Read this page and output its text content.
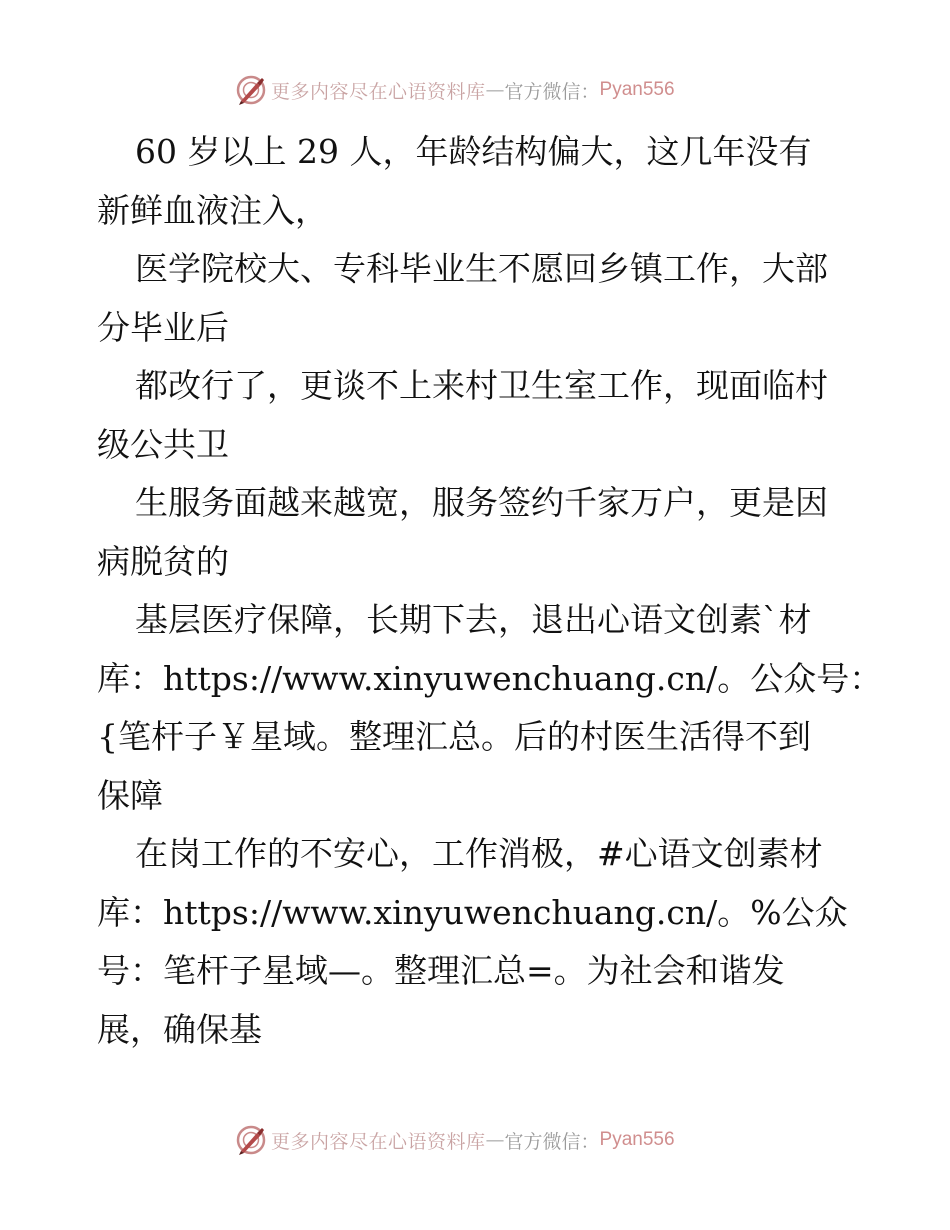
更多内容尽在心语资料库 — 官方微信： Pyan556
60 岁以上 29 人，年龄结构偏大，这几年没有
新鲜血液注入，
医学院校大、专科毕业生不愿回乡镇工作，大部
分毕业后
都改行了，更谈不上来村卫生室工作，现面临村
级公共卫
生服务面越来越宽，服务签约千家万户，更是因
病脱贫的
基层医疗保障，长期下去，退出心语文创素`材
库：https://www.xinyuwenchuang.cn/。公众号：
{笔杆子￥星域。整理汇总。后的村医生活得不到
保障
在岗工作的不安心，工作消极，#心语文创素材
库：https://www.xinyuwenchuang.cn/。%公众
号：笔杆子星域—。整理汇总=。为社会和谐发
展，确保基
更多内容尽在心语资料库 — 官方微信： Pyan556
